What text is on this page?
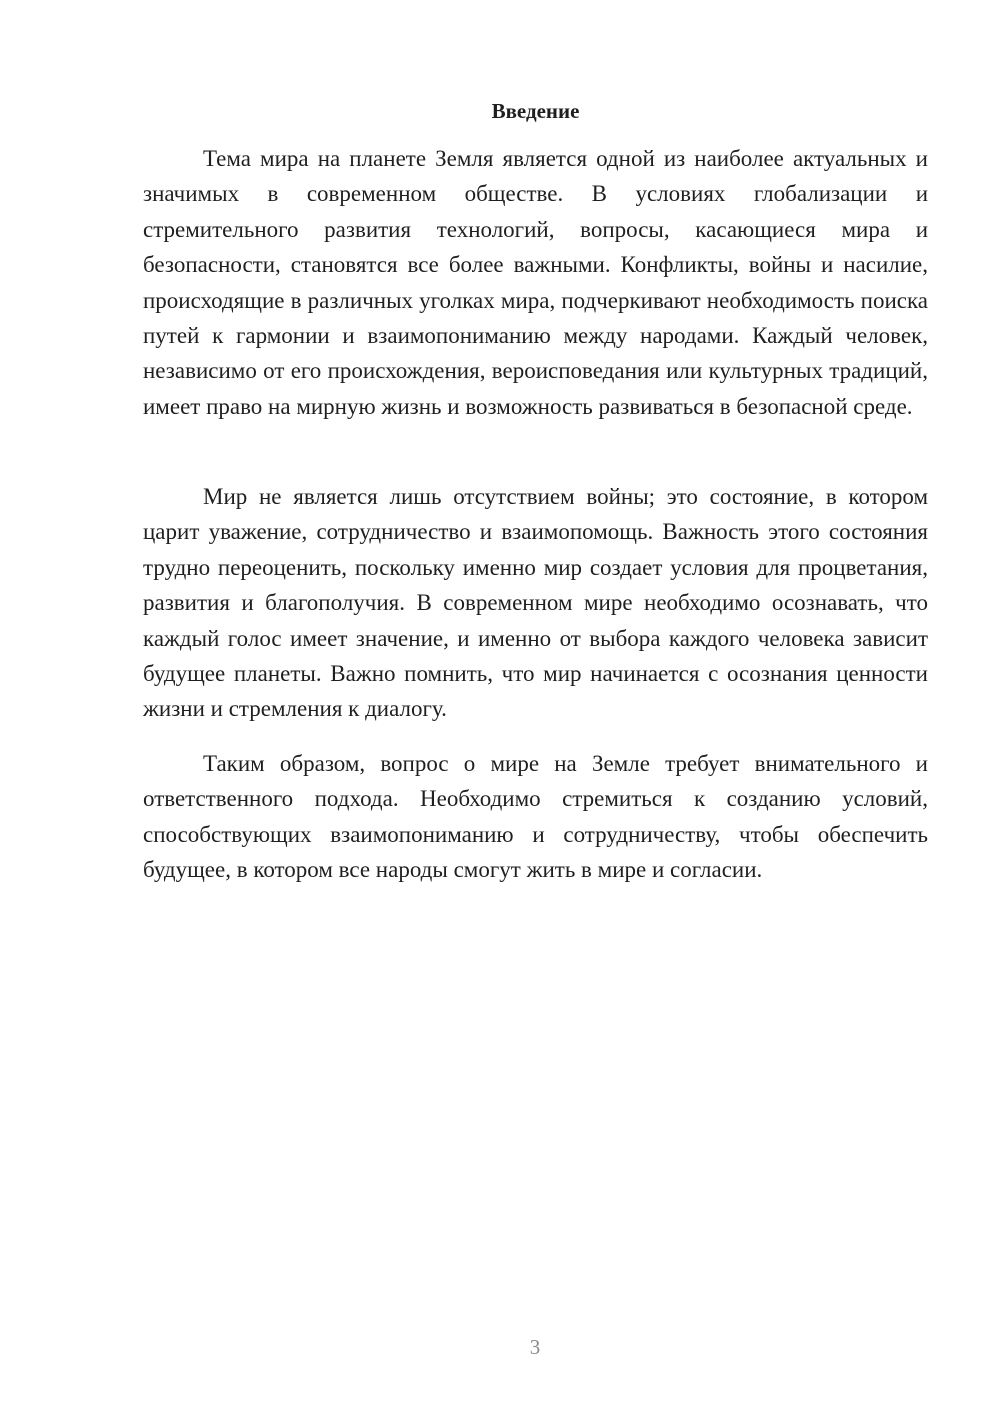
Введение

Тема мира на планете Земля является одной из наиболее актуальных и значимых в современном обществе. В условиях глобализации и стремительного развития технологий, вопросы, касающиеся мира и безопасности, становятся все более важными. Конфликты, войны и насилие, происходящие в различных уголках мира, подчеркивают необходимость поиска путей к гармонии и взаимопониманию между народами. Каждый человек, независимо от его происхождения, вероисповедания или культурных традиций, имеет право на мирную жизнь и возможность развиваться в безопасной среде.

Мир не является лишь отсутствием войны; это состояние, в котором царит уважение, сотрудничество и взаимопомощь. Важность этого состояния трудно переоценить, поскольку именно мир создает условия для процветания, развития и благополучия. В современном мире необходимо осознавать, что каждый голос имеет значение, и именно от выбора каждого человека зависит будущее планеты. Важно помнить, что мир начинается с осознания ценности жизни и стремления к диалогу.

Таким образом, вопрос о мире на Земле требует внимательного и ответственного подхода. Необходимо стремиться к созданию условий, способствующих взаимопониманию и сотрудничеству, чтобы обеспечить будущее, в котором все народы смогут жить в мире и согласии.

3
